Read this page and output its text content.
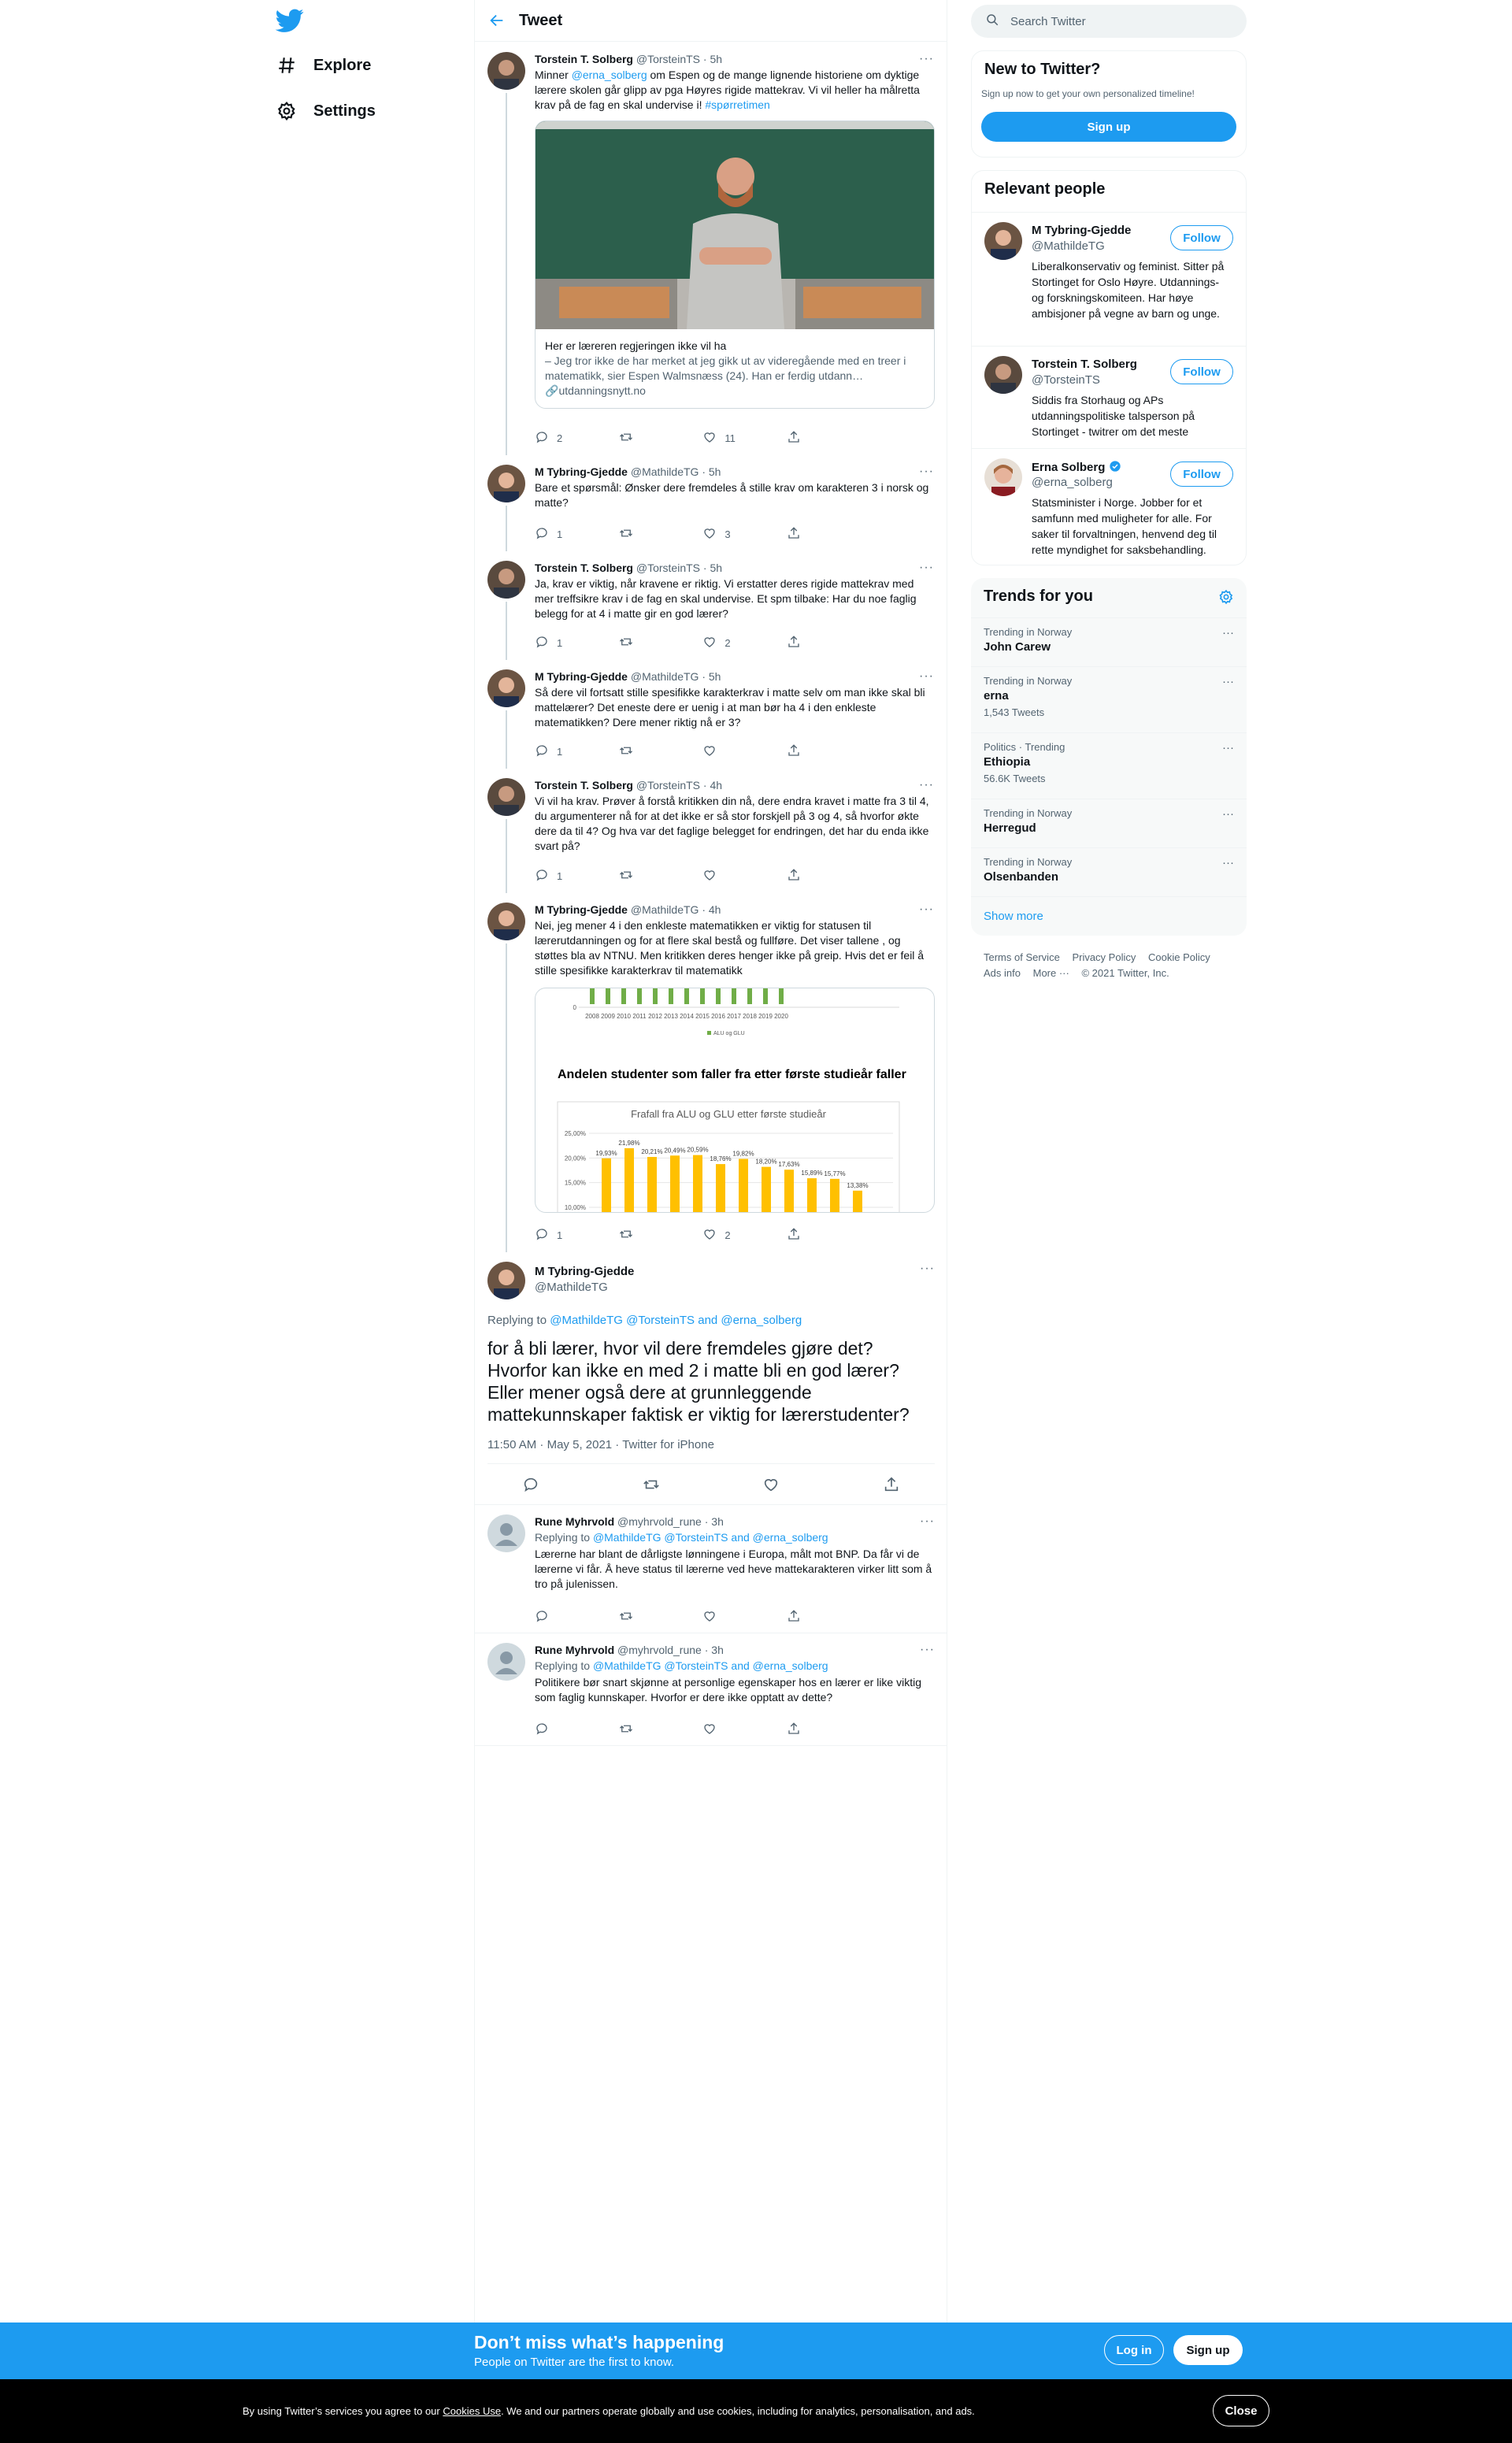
Explore
Settings
Tweet
Torstein T. Solberg @TorsteinTS · 5h
Minner @erna_solberg om Espen og de mange lignende historiene om dyktige lærere skolen går glipp av pga Høyres rigide mattekrav. Vi vil heller ha målretta krav på de fag en skal undervise i! #spørretimen
Her er læreren regjeringen ikke vil ha
– Jeg tror ikke de har merket at jeg gikk ut av videregående med en treer i matematikk, sier Espen Walmsnæss (24). Han er ferdig utdann…
🔗utdanningsnytt.no
2	11
M Tybring-Gjedde @MathildeTG · 5h
Bare et spørsmål: Ønsker dere fremdeles å stille krav om karakteren 3 i norsk og matte?
1	3
Torstein T. Solberg @TorsteinTS · 5h
Ja, krav er viktig, når kravene er riktig. Vi erstatter deres rigide mattekrav med mer treffsikre krav i de fag en skal undervise. Et spm tilbake: Har du noe faglig belegg for at 4 i matte gir en god lærer?
1	2
M Tybring-Gjedde @MathildeTG · 5h
Så dere vil fortsatt stille spesifikke karakterkrav i matte selv om man ikke skal bli mattelærer? Det eneste dere er uenig i at man bør ha 4 i den enkleste matematikken? Dere mener riktig nå er 3?
1
Torstein T. Solberg @TorsteinTS · 4h
Vi vil ha krav. Prøver å forstå kritikken din nå, dere endra kravet i matte fra 3 til 4, du argumenterer nå for at det ikke er så stor forskjell på 3 og 4, så hvorfor økte dere da til 4? Og hva var det faglige belegget for endringen, det har du enda ikke svart på?
1
M Tybring-Gjedde @MathildeTG · 4h
Nei, jeg mener 4 i den enkleste matematikken er viktig for statusen til lærerutdanningen og for at flere skal bestå og fullføre. Det viser tallene , og støttes bla av NTNU. Men kritikken deres henger ikke på greip. Hvis det er feil å stille spesifikke karakterkrav til matematikk
0
2008 2009 2010 2011 2012 2013 2014 2015 2016 2017 2018 2019 2020
ALU og GLU
Andelen studenter som faller fra etter første studieår faller
Frafall fra ALU og GLU etter første studieår
25,00%
20,00%
15,00%
10,00%
19,93%
21,98%
20,21% 20,49% 20,59%
18,76%
19,82%
18,20% 17,63%
15,89% 15,77%
13,38%
1	2
M Tybring-Gjedde
@MathildeTG
···
Replying to @MathildeTG @TorsteinTS and @erna_solberg
for å bli lærer, hvor vil dere fremdeles gjøre det? Hvorfor kan ikke en med 2 i matte bli en god lærer? Eller mener også dere at grunnleggende mattekunnskaper faktisk er viktig for lærerstudenter?
11:50 AM · May 5, 2021 · Twitter for iPhone
···
Rune Myhrvold @myhrvold_rune · 3h
Replying to @MathildeTG @TorsteinTS and @erna_solberg
Lærerne har blant de dårligste lønningene i Europa, målt mot BNP. Da får vi de lærerne vi får. Å heve status til lærerne ved heve mattekarakteren virker litt som å tro på julenissen.
···
Rune Myhrvold @myhrvold_rune · 3h
Replying to @MathildeTG @TorsteinTS and @erna_solberg
Politikere bør snart skjønne at personlige egenskaper hos en lærer er like viktig som faglig kunnskaper. Hvorfor er dere ikke opptatt av dette?
···
···
···
···
···
···
Search Twitter
New to Twitter?
Sign up now to get your own personalized timeline!
Sign up
Relevant people
M Tybring-Gjedde
@MathildeTG
Liberalkonservativ og feminist. Sitter på Stortinget for Oslo Høyre. Utdannings- og forskningskomiteen. Har høye ambisjoner på vegne av barn og unge.
Follow
Torstein T. Solberg
@TorsteinTS
Siddis fra Storhaug og APs utdanningspolitiske talsperson på Stortinget - twitrer om det meste
Follow
Erna Solberg
@erna_solberg
Statsminister i Norge. Jobber for et samfunn med muligheter for alle. For saker til forvaltningen, henvend deg til rette myndighet for saksbehandling.
Follow
Trends for you
Trending in Norway
John Carew
···
Trending in Norway
erna
1,543 Tweets
···
Politics · Trending
Ethiopia
56.6K Tweets
···
Trending in Norway
Herregud
···
Trending in Norway
Olsenbanden
···
Show more
Terms of Service Privacy Policy Cookie Policy
Ads info More ··· © 2021 Twitter, Inc.
Don’t miss what’s happening
People on Twitter are the first to know.
Log in	Sign up
By using Twitter’s services you agree to our Cookies Use. We and our partners operate globally and use cookies, including for analytics, personalisation, and ads.	Close
